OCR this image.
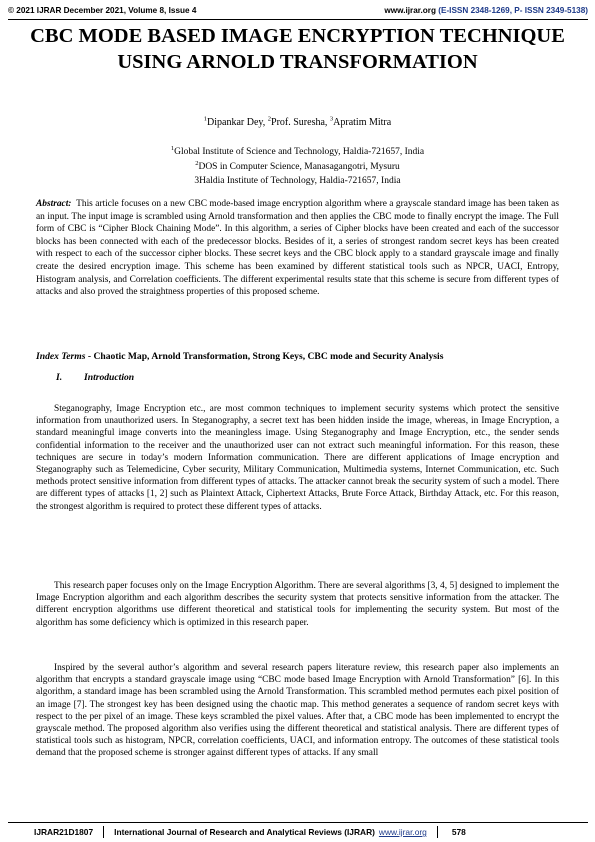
© 2021 IJRAR December 2021, Volume 8, Issue 4	www.ijrar.org (E-ISSN 2348-1269, P- ISSN 2349-5138)
CBC MODE BASED IMAGE ENCRYPTION TECHNIQUE USING ARNOLD TRANSFORMATION
$^1$Dipankar Dey, $^2$Prof. Suresha, $^3$Apratim Mitra
$^1$Global Institute of Science and Technology, Haldia-721657, India
$^2$DOS in Computer Science, Manasagangotri, Mysuru
3Haldia Institute of Technology, Haldia-721657, India

Abstract: This article focuses on a new CBC mode-based image encryption algorithm where a grayscale standard image has been taken as an input. The input image is scrambled using Arnold transformation and then applies the CBC mode to finally encrypt the image. The Full form of CBC is “Cipher Block Chaining Mode”. In this algorithm, a series of Cipher blocks have been created and each of the successor blocks has been connected with each of the predecessor blocks. Besides of it, a series of strongest random secret keys has been created with respect to each of the successor cipher blocks. These secret keys and the CBC block apply to a standard grayscale image and finally create the desired encryption image. This scheme has been examined by different statistical tools such as NPCR, UACI, Entropy, Histogram analysis, and Correlation coefficients. The different experimental results state that this scheme is secure from different types of attacks and also proved the straightness properties of this proposed scheme.

Index Terms - Chaotic Map, Arnold Transformation, Strong Keys, CBC mode and Security Analysis

I. Introduction

Steganography, Image Encryption etc., are most common techniques to implement security systems which protect the sensitive information from unauthorized users. In Steganography, a secret text has been hidden inside the image, whereas, in Image Encryption, a standard meaningful image converts into the meaningless image. Using Steganography and Image Encryption, etc., the sender sends confidential information to the receiver and the unauthorized user can not extract such meaningful information. For this reason, these techniques are secure in today’s modern Information communication. There are different applications of Image encryption and Steganography such as Telemedicine, Cyber security, Military Communication, Multimedia systems, Internet Communication, etc. Such methods protect sensitive information from different types of attacks. The attacker cannot break the security system of such a model. There are different types of attacks [1, 2] such as Plaintext Attack, Ciphertext Attacks, Brute Force Attack, Birthday Attack, etc. For this reason, the strongest algorithm is required to protect these different types of attacks.

This research paper focuses only on the Image Encryption Algorithm. There are several algorithms [3, 4, 5] designed to implement the Image Encryption algorithm and each algorithm describes the security system that protects sensitive information from the attacker. The different encryption algorithms use different theoretical and statistical tools for implementing the security system. But most of the algorithm has some deficiency which is optimized in this research paper.

Inspired by the several author’s algorithm and several research papers literature review, this research paper also implements an algorithm that encrypts a standard grayscale image using “CBC mode based Image Encryption with Arnold Transformation” [6]. In this algorithm, a standard image has been scrambled using the Arnold Transformation. This scrambled method permutes each pixel position of an image [7]. The strongest key has been designed using the chaotic map. This method generates a sequence of random secret keys with respect to the per pixel of an image. These keys scrambled the pixel values. After that, a CBC mode has been implemented to encrypt the grayscale method. The proposed algorithm also verifies using the different theoretical and statistical analysis. There are different types of statistical tools such as histogram, NPCR, correlation coefficients, UACI, and information entropy. The outcomes of these statistical tools demand that the proposed scheme is stronger against different types of attacks. If any small

IJRAR21D1807	International Journal of Research and Analytical Reviews (IJRAR) www.ijrar.org	578
